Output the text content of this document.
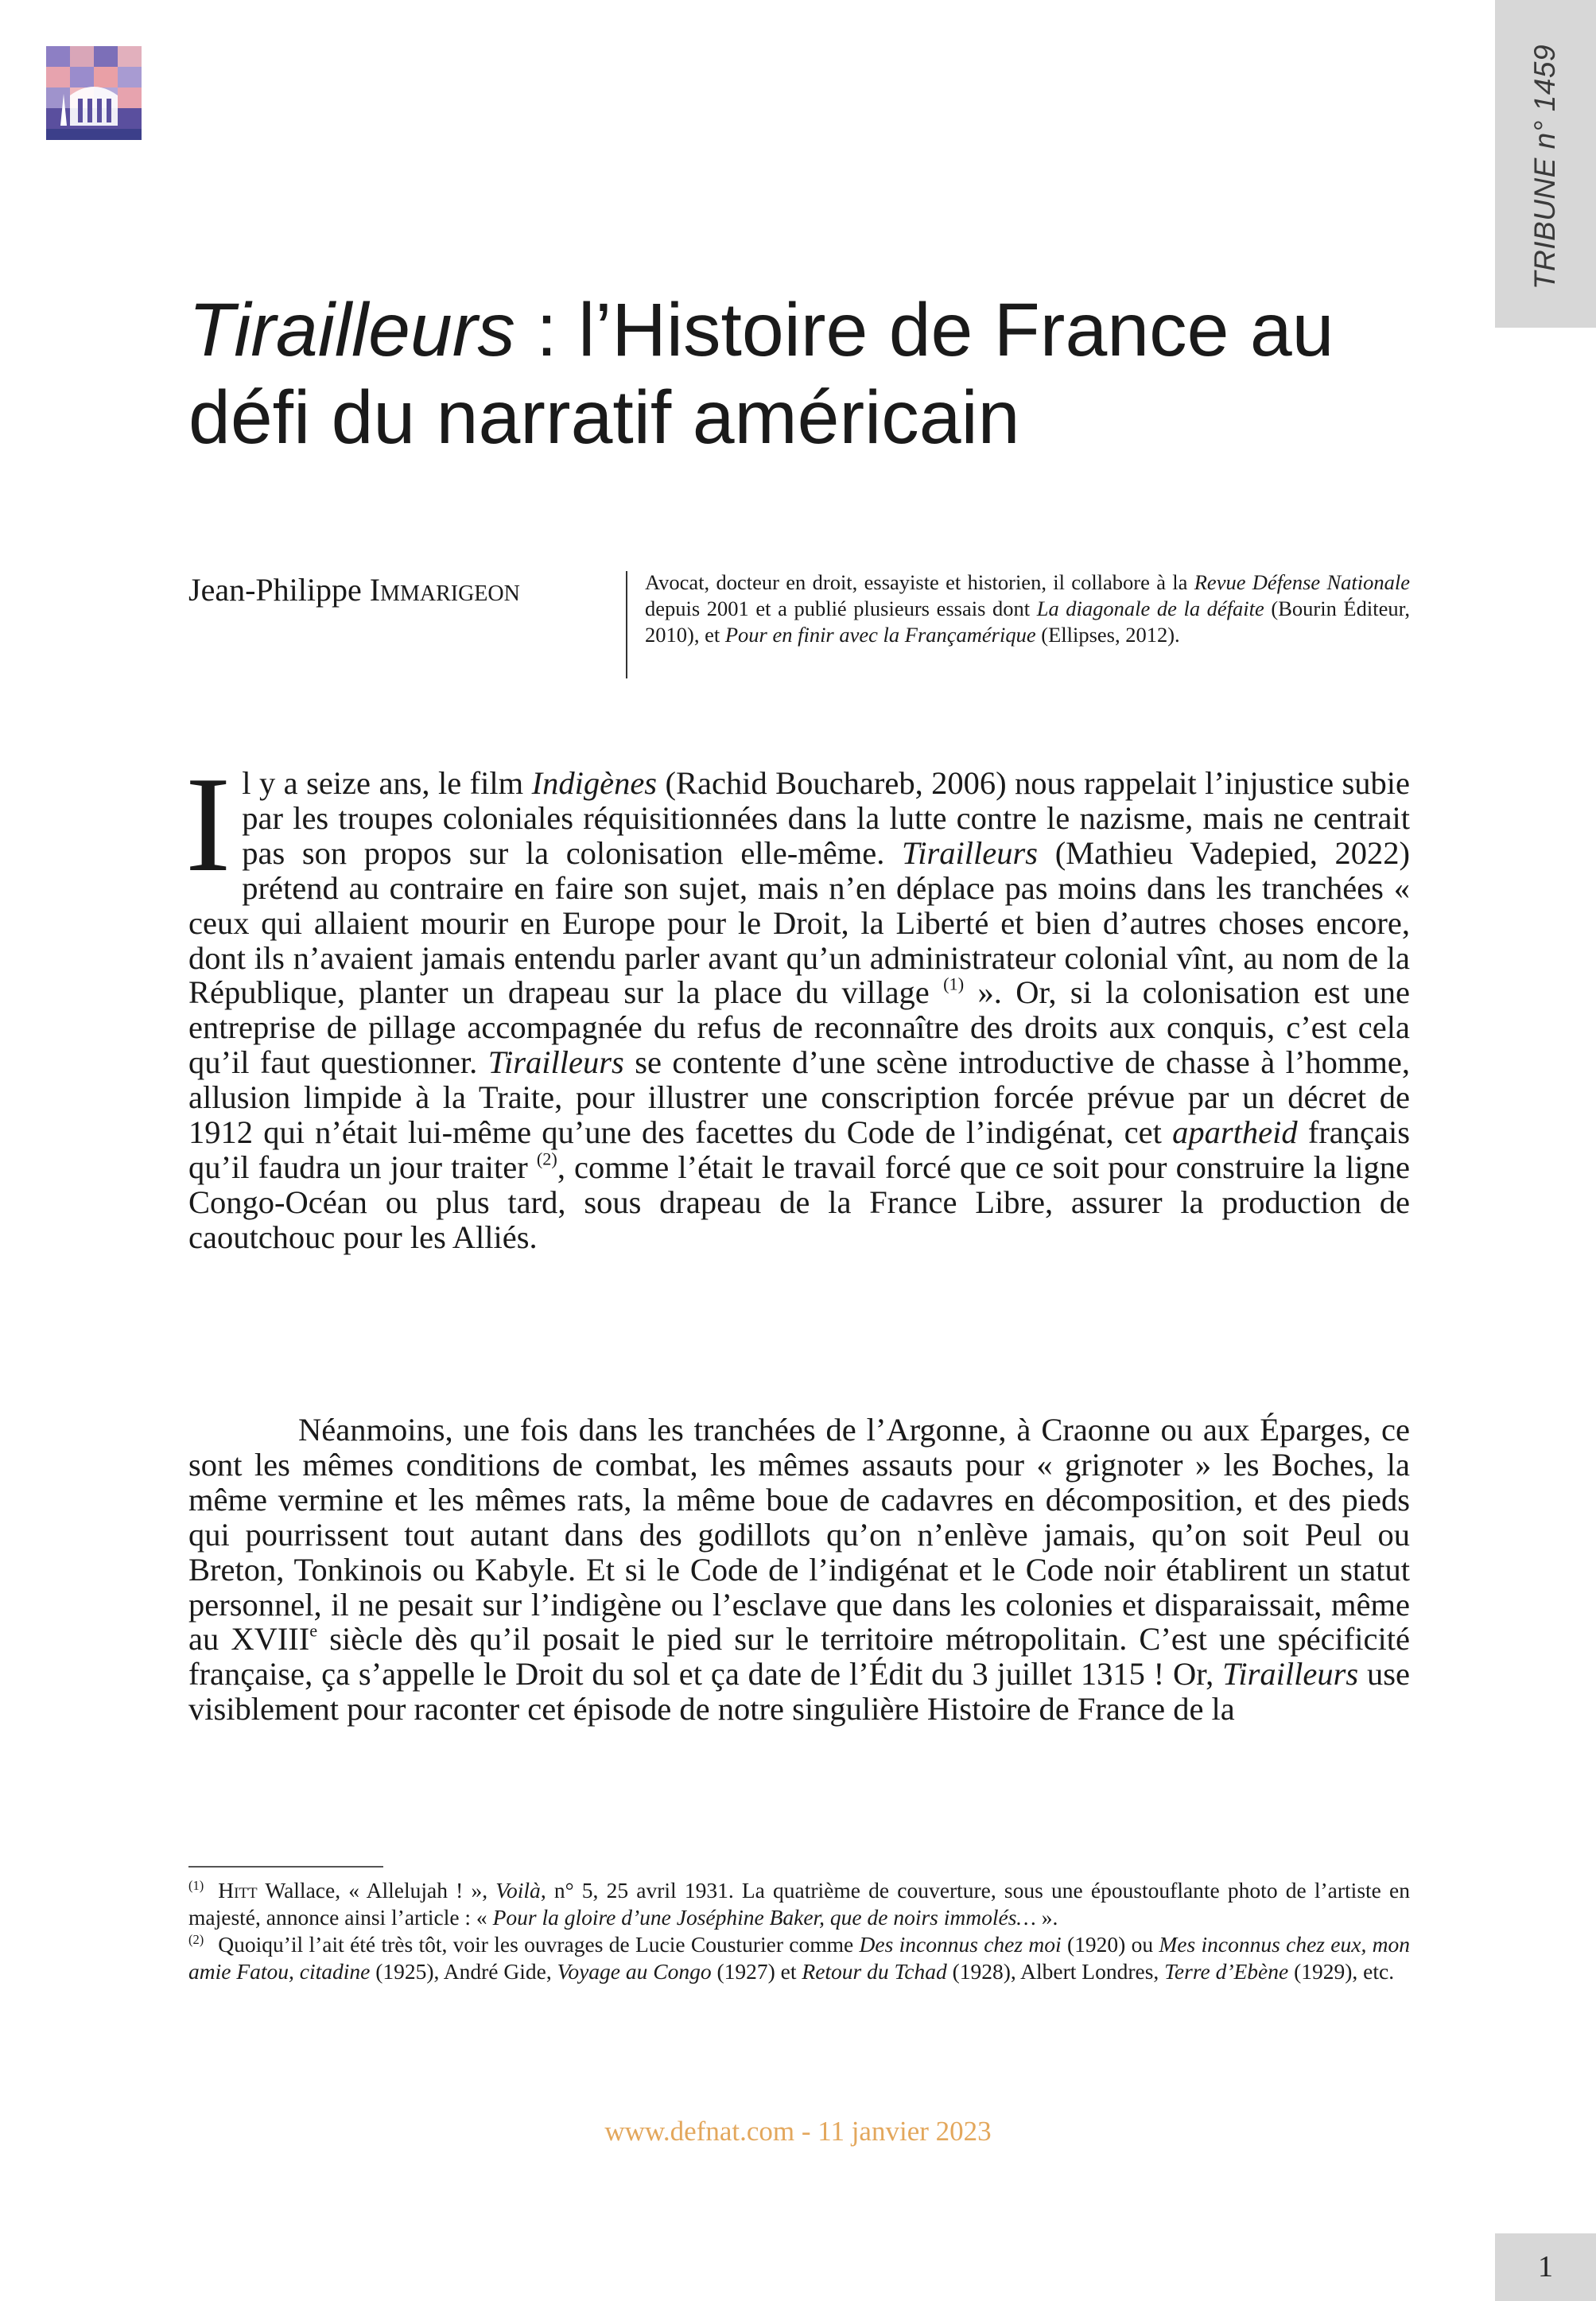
TRIBUNE n° 1459
Tirailleurs : l’Histoire de France au défi du narratif américain
Jean-Philippe Immarigeon	Avocat, docteur en droit, essayiste et historien, il collabore à la Revue Défense Nationale depuis 2001 et a publié plusieurs essais dont La diagonale de la défaite (Bourin Éditeur, 2010), et Pour en finir avec la Françamérique (Ellipses, 2012).
Il y a seize ans, le film Indigènes (Rachid Bouchareb, 2006) nous rappelait l’injustice subie par les troupes coloniales réquisitionnées dans la lutte contre le nazisme, mais ne centrait pas son propos sur la colonisation elle-même. Tirailleurs (Mathieu Vadepied, 2022) prétend au contraire en faire son sujet, mais n’en déplace pas moins dans les tranchées « ceux qui allaient mourir en Europe pour le Droit, la Liberté et bien d’autres choses encore, dont ils n’avaient jamais entendu parler avant qu’un administrateur colonial vînt, au nom de la République, planter un drapeau sur la place du village $^{(1)}$ ». Or, si la colonisation est une entreprise de pillage accompagnée du refus de reconnaître des droits aux conquis, c’est cela qu’il faut questionner. Tirailleurs se contente d’une scène introductive de chasse à l’homme, allusion limpide à la Traite, pour illustrer une conscription forcée prévue par un décret de 1912 qui n’était lui-même qu’une des facettes du Code de l’indigénat, cet apartheid français qu’il faudra un jour traiter $^{(2)}$, comme l’était le travail forcé que ce soit pour construire la ligne Congo-Océan ou plus tard, sous drapeau de la France Libre, assurer la production de caoutchouc pour les Alliés.
Néanmoins, une fois dans les tranchées de l’Argonne, à Craonne ou aux Éparges, ce sont les mêmes conditions de combat, les mêmes assauts pour « grignoter » les Boches, la même vermine et les mêmes rats, la même boue de cadavres en décomposition, et des pieds qui pourrissent tout autant dans des godillots qu’on n’enlève jamais, qu’on soit Peul ou Breton, Tonkinois ou Kabyle. Et si le Code de l’indigénat et le Code noir établirent un statut personnel, il ne pesait sur l’indigène ou l’esclave que dans les colonies et disparaissait, même au XVIIIe siècle dès qu’il posait le pied sur le territoire métropolitain. C’est une spécificité française, ça s’appelle le Droit du sol et ça date de l’Édit du 3 juillet 1315 ! Or, Tirailleurs use visiblement pour raconter cet épisode de notre singulière Histoire de France de la

$^{(1)}$ Hitt Wallace, « Allelujah ! », Voilà, n° 5, 25 avril 1931. La quatrième de couverture, sous une époustouflante photo de l’artiste en majesté, annonce ainsi l’article : « Pour la gloire d’une Joséphine Baker, que de noirs immolés… ».

$^{(2)}$ Quoiqu’il l’ait été très tôt, voir les ouvrages de Lucie Cousturier comme Des inconnus chez moi (1920) ou Mes inconnus chez eux, mon amie Fatou, citadine (1925), André Gide, Voyage au Congo (1927) et Retour du Tchad (1928), Albert Londres, Terre d’Ebène (1929), etc.

www.defnat.com - 11 janvier 2023
1
